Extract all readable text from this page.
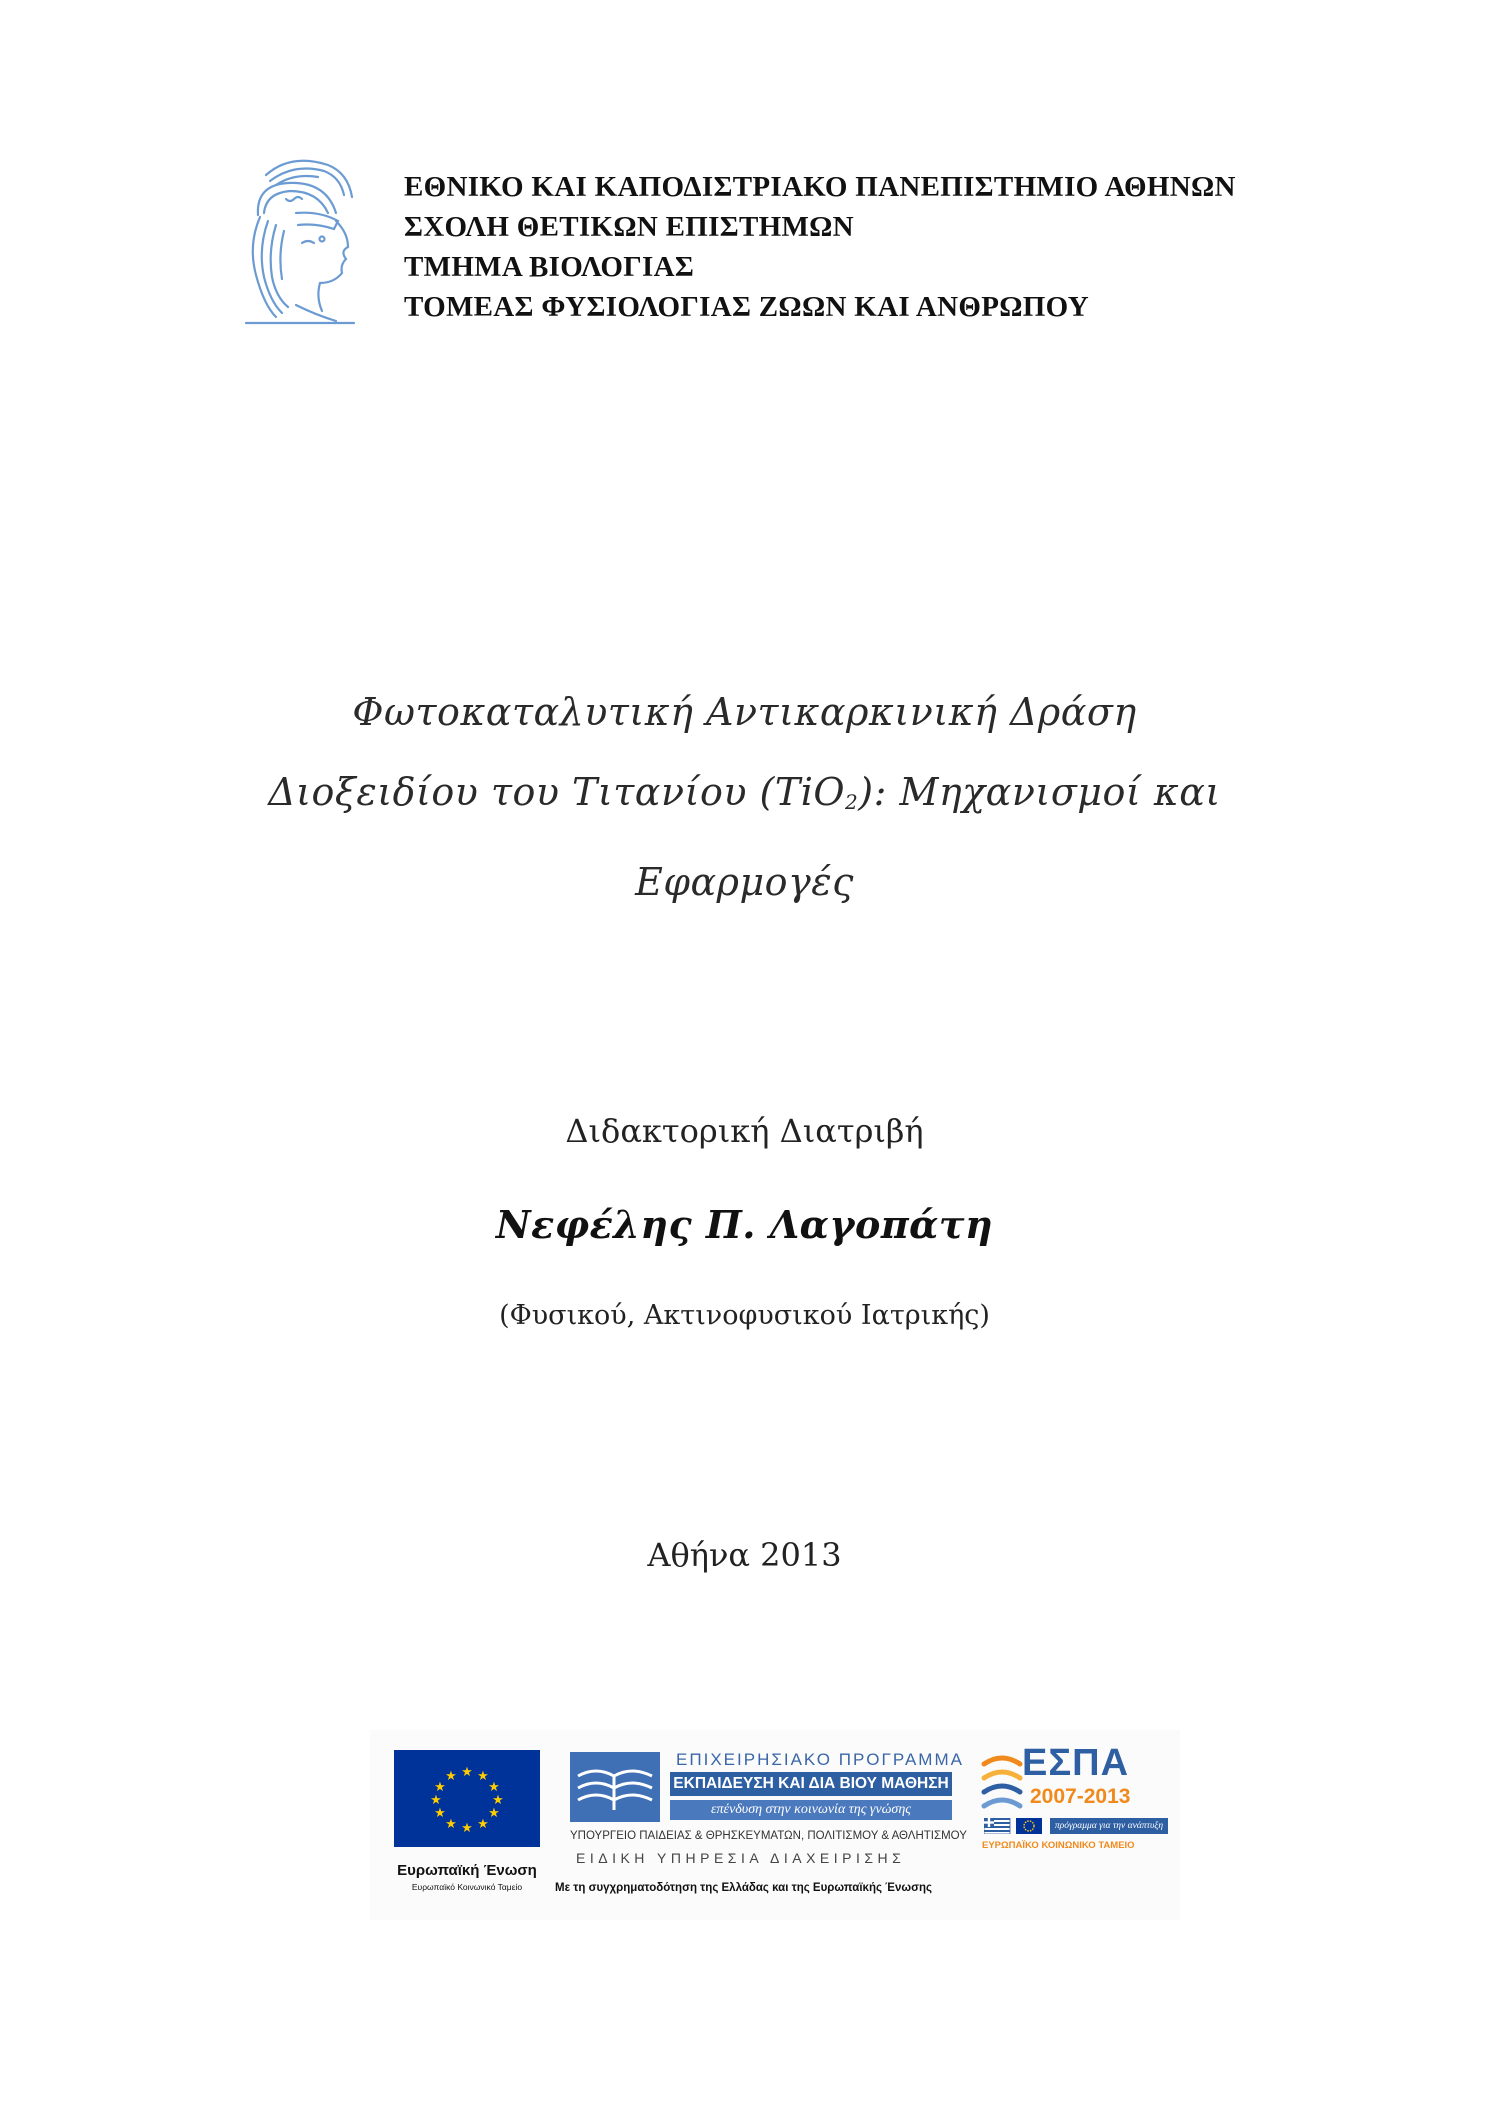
ΕΘΝΙΚΟ ΚΑΙ ΚΑΠΟΔΙΣΤΡΙΑΚΟ ΠΑΝΕΠΙΣΤΗΜΙΟ ΑΘΗΝΩΝ
ΣΧΟΛΗ ΘΕΤΙΚΩΝ ΕΠΙΣΤΗΜΩΝ
ΤΜΗΜΑ ΒΙΟΛΟΓΙΑΣ
ΤΟΜΕΑΣ ΦΥΣΙΟΛΟΓΙΑΣ ΖΩΩΝ ΚΑΙ ΑΝΘΡΩΠΟΥ
Φωτοκαταλυτική Αντικαρκινική Δράση
Διοξειδίου του Τιτανίου (TiO$_2$): Μηχανισμοί και
Εφαρμογές
Διδακτορική Διατριβή
Νεφέλης Π. Λαγοπάτη
(Φυσικού, Ακτινοφυσικού Ιατρικής)
Αθήνα 2013
★ ★
★
★
★
★
★
★
★
★
★
★
Ευρωπαϊκή Ένωση
Ευρωπαϊκό Κοινωνικό Ταμείο
ΕΠΙΧΕΙΡΗΣΙΑΚΟ ΠΡΟΓΡΑΜΜΑ
ΕΚΠΑΙΔΕΥΣΗ ΚΑΙ ΔΙΑ ΒΙΟΥ ΜΑΘΗΣΗ
επένδυση στην κοινωνία της γνώσης
ΥΠΟΥΡΓΕΙΟ ΠΑΙΔΕΙΑΣ & ΘΡΗΣΚΕΥΜΑΤΩΝ, ΠΟΛΙΤΙΣΜΟΥ & ΑΘΛΗΤΙΣΜΟΥ
ΕΙΔΙΚΗ ΥΠΗΡΕΣΙΑ ΔΙΑΧΕΙΡΙΣΗΣ
Με τη συγχρηματοδότηση της Ελλάδας και της Ευρωπαϊκής Ένωσης
ΕΣΠΑ
2007-2013
πρόγραμμα για την ανάπτυξη
ΕΥΡΩΠΑΪΚΟ ΚΟΙΝΩΝΙΚΟ ΤΑΜΕΙΟ
